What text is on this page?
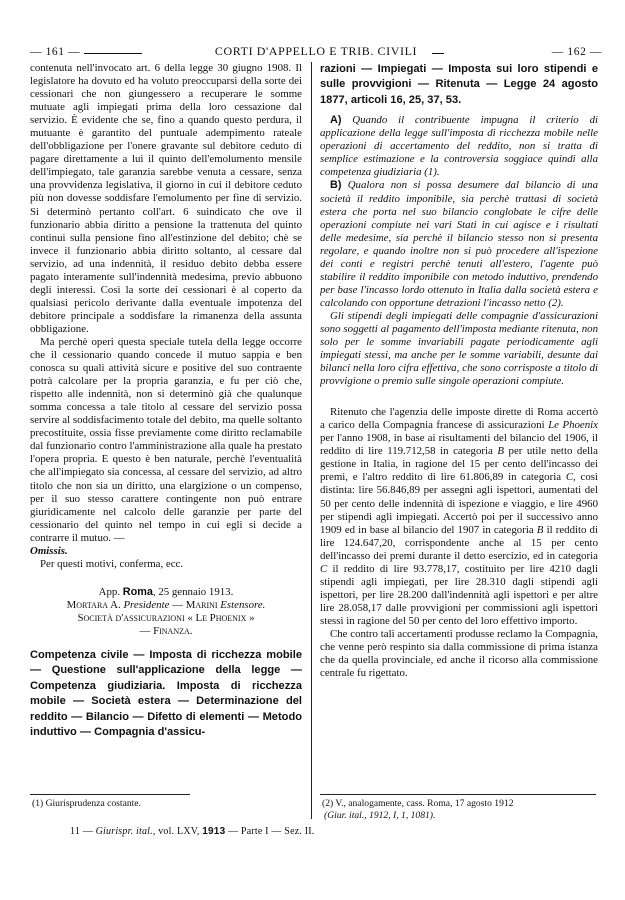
— 161 —	CORTI D'APPELLO E TRIB. CIVILI	— 162 —

contenuta nell'invocato art. 6 della legge 30 giugno 1908. Il legislatore ha dovuto ed ha voluto preoccuparsi della sorte dei cessionari che non giungessero a recuperare le somme mutuate agli impiegati prima della loro cessazione dal servizio. È evidente che se, fino a quando questo perdura, il mutuante è garantito del puntuale adempimento rateale dell'obbligazione per l'onere gravante sul debitore ceduto di pagare direttamente a lui il quinto dell'emolumento mensile dell'impiegato, tale garanzia sarebbe venuta a cessare, senza una provvidenza legislativa, il giorno in cui il debitore ceduto più non dovesse soddisfare l'emolumento per fine di servizio. Si determinò pertanto coll'art. 6 suindicato che ove il funzionario abbia diritto a pensione la trattenuta del quinto continui sulla pensione fino all'estinzione del debito; chè se invece il funzionario abbia diritto soltanto, al cessare dal servizio, ad una indennità, il residuo debito debba essere pagato interamente sull'indennità medesima, previo abbuono degli interessi. Così la sorte dei cessionari è al coperto da qualsiasi pericolo derivante dalla eventuale impotenza del debitore principale a soddisfare la rimanenza della assunta obbligazione.

Ma perchè operi questa speciale tutela della legge occorre che il cessionario quando concede il mutuo sappia e ben conosca su quali attività sicure e positive del suo contraente potrà calcolare per la propria garanzia, e fu per ciò che, rispetto alle indennità, non si determinò già che qualunque somma concessa a tale titolo al cessare del servizio possa servire al soddisfacimento totale del debito, ma quelle soltanto precostituite, ossia fisse previamente come diritto reclamabile dal funzionario contro l'amministrazione alla quale ha prestato l'opera propria. E questo è ben naturale, perchè l'eventualità che all'impiegato sia concessa, al cessare del servizio, ad altro titolo che non sia un diritto, una elargizione o un compenso, per il suo stesso carattere contingente non può entrare giuridicamente nel calcolo delle garanzie per parte del cessionario del quinto nel tempo in cui egli si decide a contrarre il mutuo. —

Omissis.

Per questi motivi, conferma, ecc.

App. Roma, 25 gennaio 1913.

Mortara A. Presidente — Marini Estensore.

Società d'assicurazioni « Le Phoenix »

— Finanza.

Competenza civile — Imposta di ricchezza mobile — Questione sull'applicazione della legge — Competenza giudiziaria. Imposta di ricchezza mobile — Società estera — Determinazione del reddito — Bilancio — Difetto di elementi — Metodo induttivo — Compagnia d'assicu-

razioni — Impiegati — Imposta sui loro stipendi e sulle provvigioni — Ritenuta — Legge 24 agosto 1877, articoli 16, 25, 37, 53.

A) Quando il contribuente impugna il criterio di applicazione della legge sull'imposta di ricchezza mobile nelle operazioni di accertamento del reddito, non si tratta di semplice estimazione e la controversia soggiace quindi alla competenza giudiziaria (1).

B) Qualora non si possa desumere dal bilancio di una società il reddito imponibile, sia perchè trattasi di società estera che porta nel suo bilancio conglobate le cifre delle operazioni compiute nei vari Stati in cui agisce e i risultati delle medesime, sia perchè il bilancio stesso non si presenta regolare, e quando inoltre non si può procedere all'ispezione dei conti e registri perchè tenuti all'estero, l'agente può stabilire il reddito imponibile con metodo induttivo, prendendo per base l'incasso lordo ottenuto in Italia dalla società estera e calcolando con opportune detrazioni l'incasso netto (2).

Gli stipendi degli impiegati delle compagnie d'assicurazioni sono soggetti al pagamento dell'imposta mediante ritenuta, non solo per le somme invariabili pagate periodicamente agli impiegati stessi, ma anche per le somme variabili, desunte dai bilanci nella loro cifra effettiva, che sono corrisposte a titolo di provvigione o premio sulle singole operazioni compiute.

Ritenuto che l'agenzia delle imposte dirette di Roma accertò a carico della Compagnia francese di assicurazioni Le Phoenix per l'anno 1908, in base ai risultamenti del bilancio del 1906, il reddito di lire 119.712,58 in categoria B per utile netto della gestione in Italia, in ragione del 15 per cento dell'incasso dei premi, e l'altro reddito di lire 61.806,89 in categoria C, così distinta: lire 56.846,89 per assegni agli ispettori, aumentati del 50 per cento delle indennità di ispezione e viaggio, e lire 4960 per stipendi agli impiegati. Accertò poi per il successivo anno 1909 ed in base al bilancio del 1907 in categoria B il reddito di lire 124.647,20, corrispondente anche al 15 per cento dell'incasso dei premi durante il detto esercizio, ed in categoria C il reddito di lire 93.778,17, costituito per lire 4210 dagli stipendi agli impiegati, per lire 28.310 dagli stipendi agli ispettori, per lire 28.200 dall'indennità agli ispettori e per altre lire 28.058,17 dalle provvigioni per commissioni agli ispettori stessi in ragione del 50 per cento del loro effettivo importo.

Che contro tali accertamenti produsse reclamo la Compagnia, che venne però respinto sia dalla commissione di prima istanza che da quella provinciale, ed anche il ricorso alla commissione centrale fu rigettato.

(1) Giurisprudenza costante.	(2) V., analogamente, cass. Roma, 17 agosto 1912
(Giur. ital., 1912, I, 1, 1081).
11 — Giurispr. ital., vol. LXV, 1913 — Parte I — Sez. II.
